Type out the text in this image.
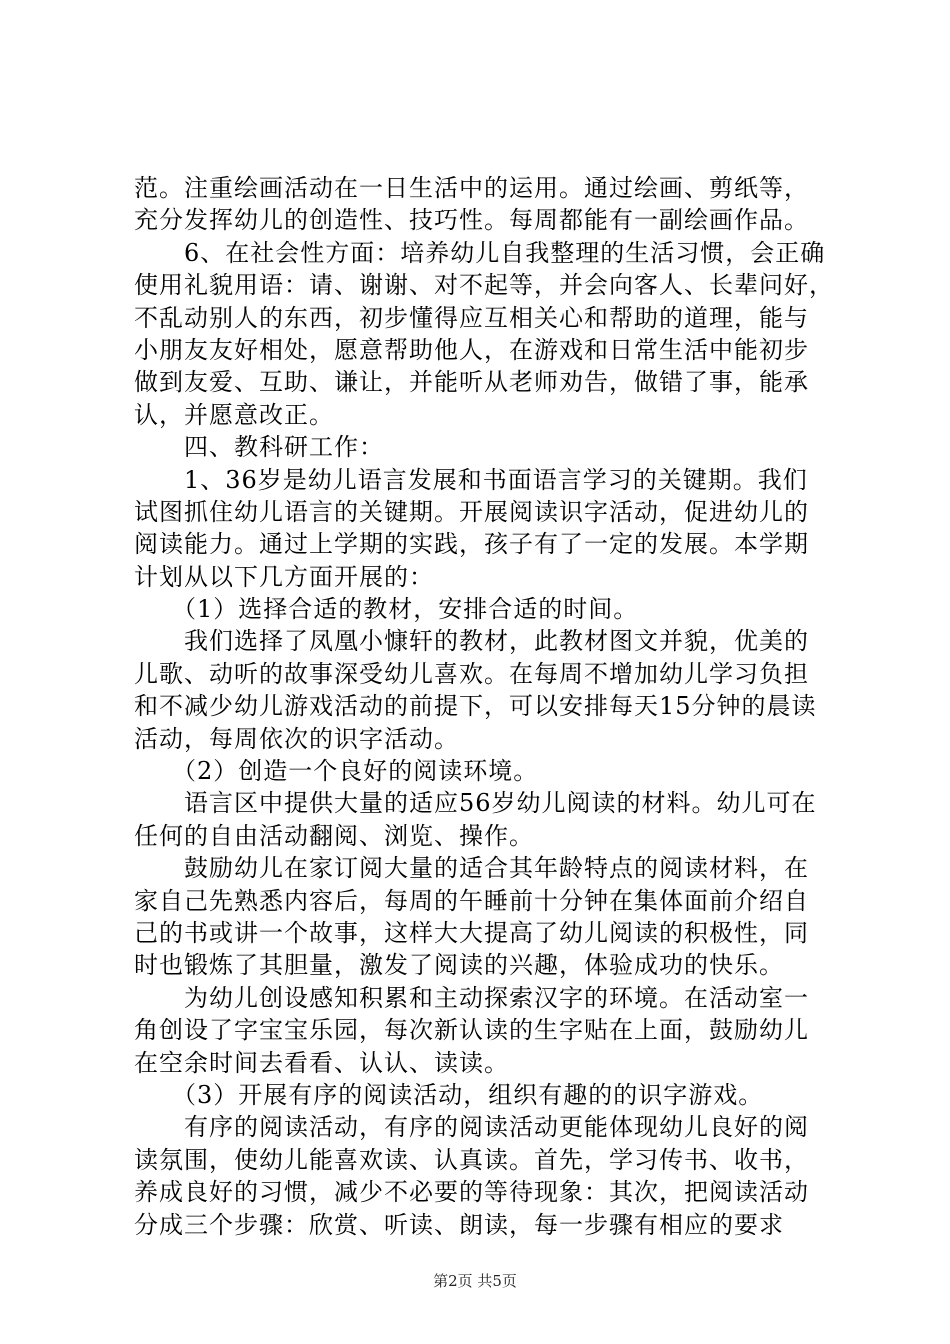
范。注重绘画活动在一日生活中的运用。通过绘画、剪纸等，
充分发挥幼儿的创造性、技巧性。每周都能有一副绘画作品。
　　6、在社会性方面：培养幼儿自我整理的生活习惯，会正确
使用礼貌用语：请、谢谢、对不起等，并会向客人、长辈问好，
不乱动别人的东西，初步懂得应互相关心和帮助的道理，能与
小朋友友好相处，愿意帮助他人，在游戏和日常生活中能初步
做到友爱、互助、谦让，并能听从老师劝告，做错了事，能承
认，并愿意改正。
　　四、教科研工作：
　　1、36岁是幼儿语言发展和书面语言学习的关键期。我们
试图抓住幼儿语言的关键期。开展阅读识字活动，促进幼儿的
阅读能力。通过上学期的实践，孩子有了一定的发展。本学期
计划从以下几方面开展的：
　　（1）选择合适的教材，安排合适的时间。
　　我们选择了凤凰小慷轩的教材，此教材图文并貌，优美的
儿歌、动听的故事深受幼儿喜欢。在每周不增加幼儿学习负担
和不减少幼儿游戏活动的前提下，可以安排每天15分钟的晨读
活动，每周依次的识字活动。
　　（2）创造一个良好的阅读环境。
　　语言区中提供大量的适应56岁幼儿阅读的材料。幼儿可在
任何的自由活动翻阅、浏览、操作。
　　鼓励幼儿在家订阅大量的适合其年龄特点的阅读材料，在
家自己先熟悉内容后，每周的午睡前十分钟在集体面前介绍自
己的书或讲一个故事，这样大大提高了幼儿阅读的积极性，同
时也锻炼了其胆量，激发了阅读的兴趣，体验成功的快乐。
　　为幼儿创设感知积累和主动探索汉字的环境。在活动室一
角创设了字宝宝乐园，每次新认读的生字贴在上面，鼓励幼儿
在空余时间去看看、认认、读读。
　　（3）开展有序的阅读活动，组织有趣的的识字游戏。
　　有序的阅读活动，有序的阅读活动更能体现幼儿良好的阅
读氛围，使幼儿能喜欢读、认真读。首先，学习传书、收书，
养成良好的习惯，减少不必要的等待现象：其次，把阅读活动
分成三个步骤：欣赏、听读、朗读，每一步骤有相应的要求
第2页 共5页
